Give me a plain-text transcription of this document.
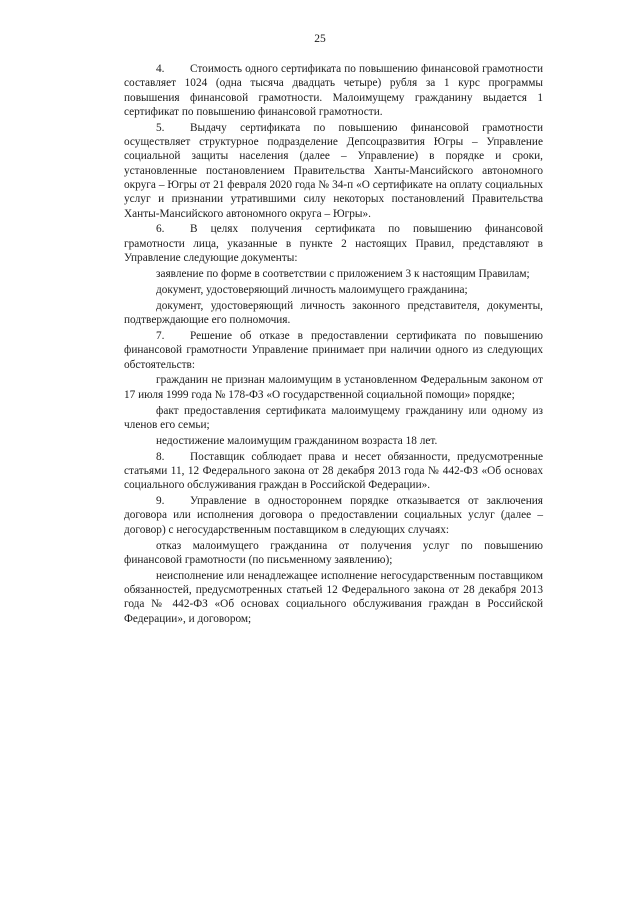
25

4. Стоимость одного сертификата по повышению финансовой грамотности составляет 1024 (одна тысяча двадцать четыре) рубля за 1 курс программы повышения финансовой грамотности. Малоимущему гражданину выдается 1 сертификат по повышению финансовой грамотности.

5. Выдачу сертификата по повышению финансовой грамотности осуществляет структурное подразделение Депсоцразвития Югры – Управление социальной защиты населения (далее – Управление) в порядке и сроки, установленные постановлением Правительства Ханты-Мансийского автономного округа – Югры от 21 февраля 2020 года № 34-п «О сертификате на оплату социальных услуг и признании утратившими силу некоторых постановлений Правительства Ханты-Мансийского автономного округа – Югры».

6. В целях получения сертификата по повышению финансовой грамотности лица, указанные в пункте 2 настоящих Правил, представляют в Управление следующие документы:

заявление по форме в соответствии с приложением 3 к настоящим Правилам;

документ, удостоверяющий личность малоимущего гражданина;

документ, удостоверяющий личность законного представителя, документы, подтверждающие его полномочия.

7. Решение об отказе в предоставлении сертификата по повышению финансовой грамотности Управление принимает при наличии одного из следующих обстоятельств:

гражданин не признан малоимущим в установленном Федеральным законом от 17 июля 1999 года № 178-ФЗ «О государственной социальной помощи» порядке;

факт предоставления сертификата малоимущему гражданину или одному из членов его семьи;

недостижение малоимущим гражданином возраста 18 лет.

8. Поставщик соблюдает права и несет обязанности, предусмотренные статьями 11, 12 Федерального закона от 28 декабря 2013 года № 442-ФЗ «Об основах социального обслуживания граждан в Российской Федерации».

9. Управление в одностороннем порядке отказывается от заключения договора или исполнения договора о предоставлении социальных услуг (далее – договор) с негосударственным поставщиком в следующих случаях:

отказ малоимущего гражданина от получения услуг по повышению финансовой грамотности (по письменному заявлению);

неисполнение или ненадлежащее исполнение негосударственным поставщиком обязанностей, предусмотренных статьей 12 Федерального закона от 28 декабря 2013 года № 442-ФЗ «Об основах социального обслуживания граждан в Российской Федерации», и договором;
